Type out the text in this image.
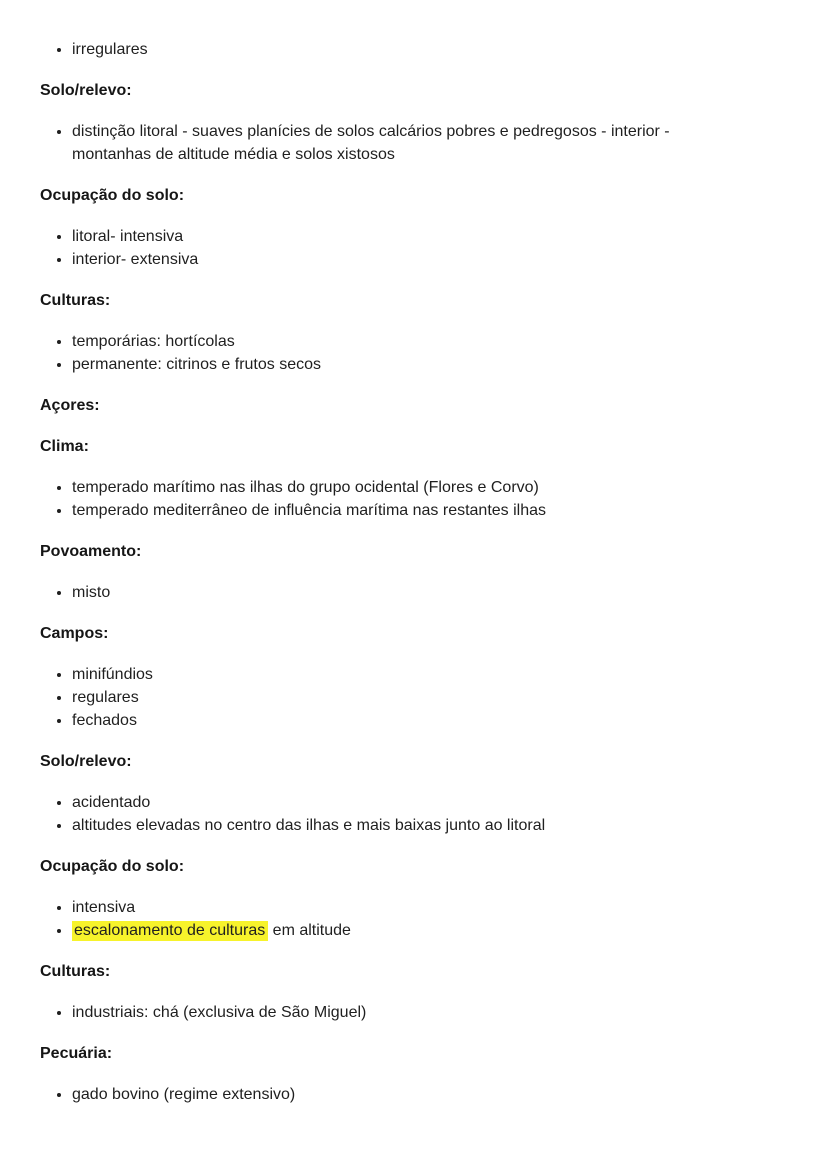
• irregulares
Solo/relevo:
• distinção litoral - suaves planícies de solos calcários pobres e pedregosos - interior - montanhas de altitude média e solos xistosos
Ocupação do solo:
• litoral- intensiva
• interior- extensiva
Culturas:
• temporárias: hortícolas
• permanente: citrinos e frutos secos
Açores:
Clima:
• temperado marítimo nas ilhas do grupo ocidental (Flores e Corvo)
• temperado mediterrâneo de influência marítima nas restantes ilhas
Povoamento:
• misto
Campos:
• minifúndios
• regulares
• fechados
Solo/relevo:
• acidentado
• altitudes elevadas no centro das ilhas e mais baixas junto ao litoral
Ocupação do solo:
• intensiva
• escalonamento de culturas em altitude
Culturas:
• industriais: chá (exclusiva de São Miguel)
Pecuária:
• gado bovino (regime extensivo)
